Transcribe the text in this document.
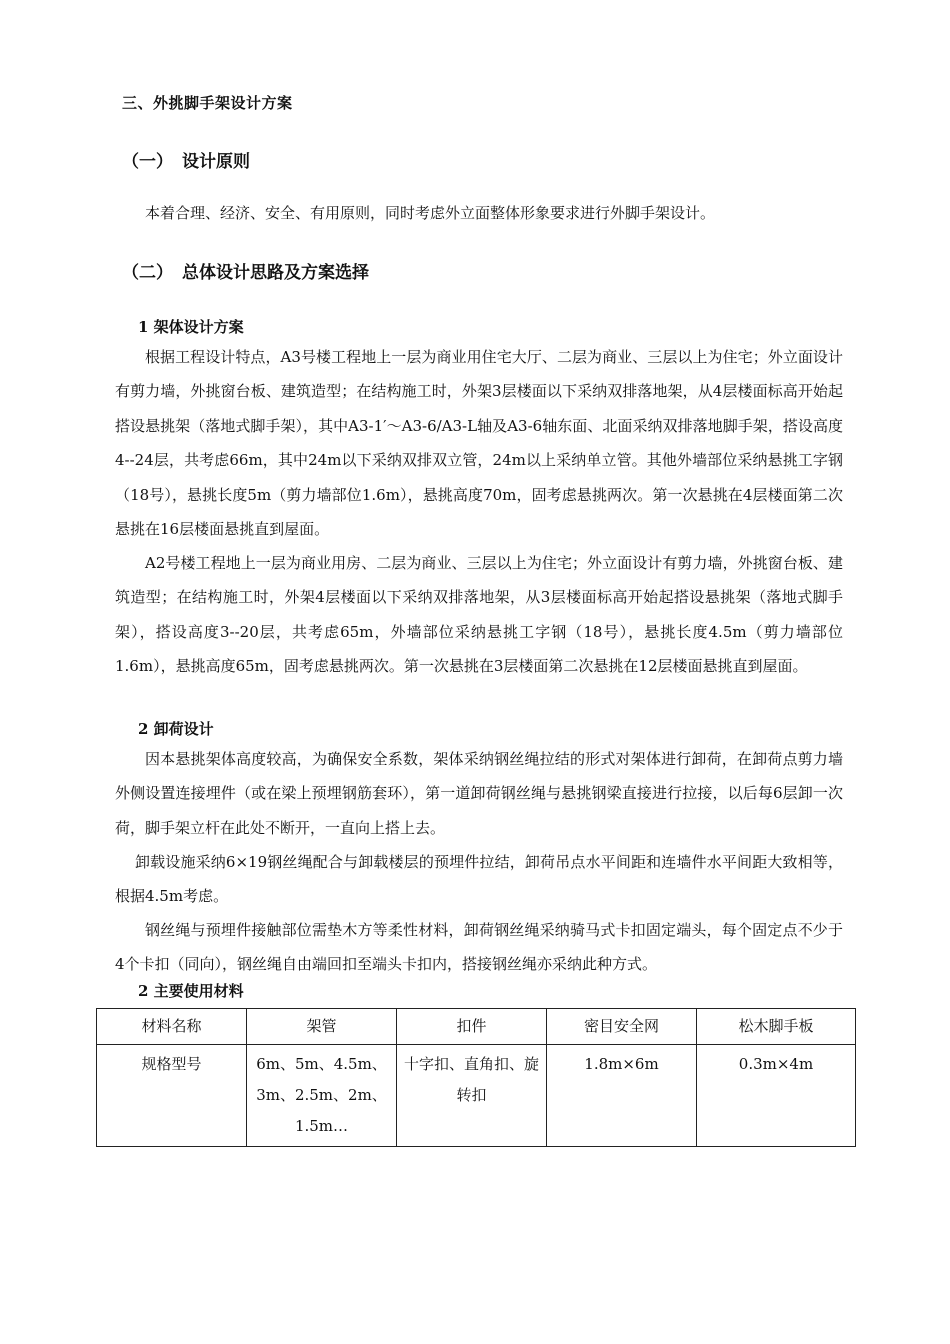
三、外挑脚手架设计方案
（一） 设计原则

本着合理、经济、安全、有用原则，同时考虑外立面整体形象要求进行外脚手架设计。

（二） 总体设计思路及方案选择
1 架体设计方案

根据工程设计特点，A3号楼工程地上一层为商业用住宅大厅、二层为商业、三层以上为住宅；外立面设计有剪力墙，外挑窗台板、建筑造型；在结构施工时，外架3层楼面以下采纳双排落地架，从4层楼面标高开始起搭设悬挑架（落地式脚手架），其中A3-1′～A3-6/A3-L轴及A3-6轴东面、北面采纳双排落地脚手架，搭设高度4--24层，共考虑66m，其中24m以下采纳双排双立管，24m以上采纳单立管。其他外墙部位采纳悬挑工字钢（18号），悬挑长度5m（剪力墙部位1.6m），悬挑高度70m，固考虑悬挑两次。第一次悬挑在4层楼面第二次悬挑在16层楼面悬挑直到屋面。

A2号楼工程地上一层为商业用房、二层为商业、三层以上为住宅；外立面设计有剪力墙，外挑窗台板、建筑造型；在结构施工时，外架4层楼面以下采纳双排落地架，从3层楼面标高开始起搭设悬挑架（落地式脚手架），搭设高度3--20层，共考虑65m，外墙部位采纳悬挑工字钢（18号），悬挑长度4.5m（剪力墙部位1.6m），悬挑高度65m，固考虑悬挑两次。第一次悬挑在3层楼面第二次悬挑在12层楼面悬挑直到屋面。

2 卸荷设计

因本悬挑架体高度较高，为确保安全系数，架体采纳钢丝绳拉结的形式对架体进行卸荷，在卸荷点剪力墙外侧设置连接埋件（或在梁上预埋钢筋套环），第一道卸荷钢丝绳与悬挑钢梁直接进行拉接，以后每6层卸一次荷，脚手架立杆在此处不断开，一直向上搭上去。

卸载设施采纳6×19钢丝绳配合与卸载楼层的预埋件拉结，卸荷吊点水平间距和连墙件水平间距大致相等，根据4.5m考虑。

钢丝绳与预埋件接触部位需垫木方等柔性材料，卸荷钢丝绳采纳骑马式卡扣固定端头，每个固定点不少于4个卡扣（同向），钢丝绳自由端回扣至端头卡扣内，搭接钢丝绳亦采纳此种方式。

2 主要使用材料
材料名称	架管	扣件	密目安全网	松木脚手板
规格型号	6m、5m、4.5m、3m、2.5m、2m、1.5m…	十字扣、直角扣、旋转扣	1.8m×6m	0.3m×4m
